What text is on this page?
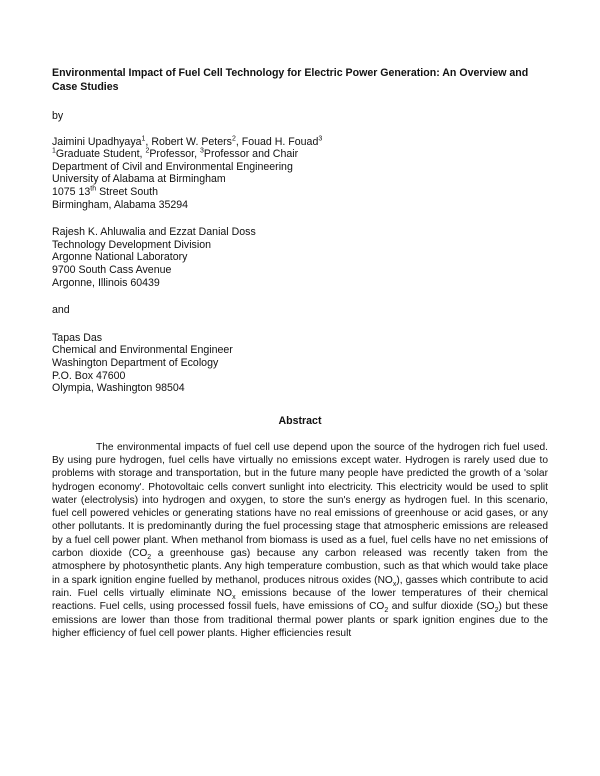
Environmental Impact of Fuel Cell Technology for Electric Power Generation: An Overview and Case Studies
by
Jaimini Upadhyaya$^1$, Robert W. Peters$^2$, Fouad H. Fouad$^3$
$^1$Graduate Student, $^2$Professor, $^3$Professor and Chair
Department of Civil and Environmental Engineering
University of Alabama at Birmingham
1075 13th Street South
Birmingham, Alabama 35294
Rajesh K. Ahluwalia and Ezzat Danial Doss
Technology Development Division
Argonne National Laboratory
9700 South Cass Avenue
Argonne, Illinois 60439
and
Tapas Das
Chemical and Environmental Engineer
Washington Department of Ecology
P.O. Box 47600
Olympia, Washington 98504
Abstract

The environmental impacts of fuel cell use depend upon the source of the hydrogen rich fuel used. By using pure hydrogen, fuel cells have virtually no emissions except water. Hydrogen is rarely used due to problems with storage and transportation, but in the future many people have predicted the growth of a 'solar hydrogen economy'. Photovoltaic cells convert sunlight into electricity. This electricity would be used to split water (electrolysis) into hydrogen and oxygen, to store the sun's energy as hydrogen fuel. In this scenario, fuel cell powered vehicles or generating stations have no real emissions of greenhouse or acid gases, or any other pollutants. It is predominantly during the fuel processing stage that atmospheric emissions are released by a fuel cell power plant. When methanol from biomass is used as a fuel, fuel cells have no net emissions of carbon dioxide ($CO_2$ a greenhouse gas) because any carbon released was recently taken from the atmosphere by photosynthetic plants. Any high temperature combustion, such as that which would take place in a spark ignition engine fuelled by methanol, produces nitrous oxides $(NO_x)$, gasses which contribute to acid rain. Fuel cells virtually eliminate $NO_x$ emissions because of the lower temperatures of their chemical reactions. Fuel cells, using processed fossil fuels, have emissions of $CO_2$ and sulfur dioxide $(SO_2)$ but these emissions are lower than those from traditional thermal power plants or spark ignition engines due to the higher efficiency of fuel cell power plants. Higher efficiencies result
